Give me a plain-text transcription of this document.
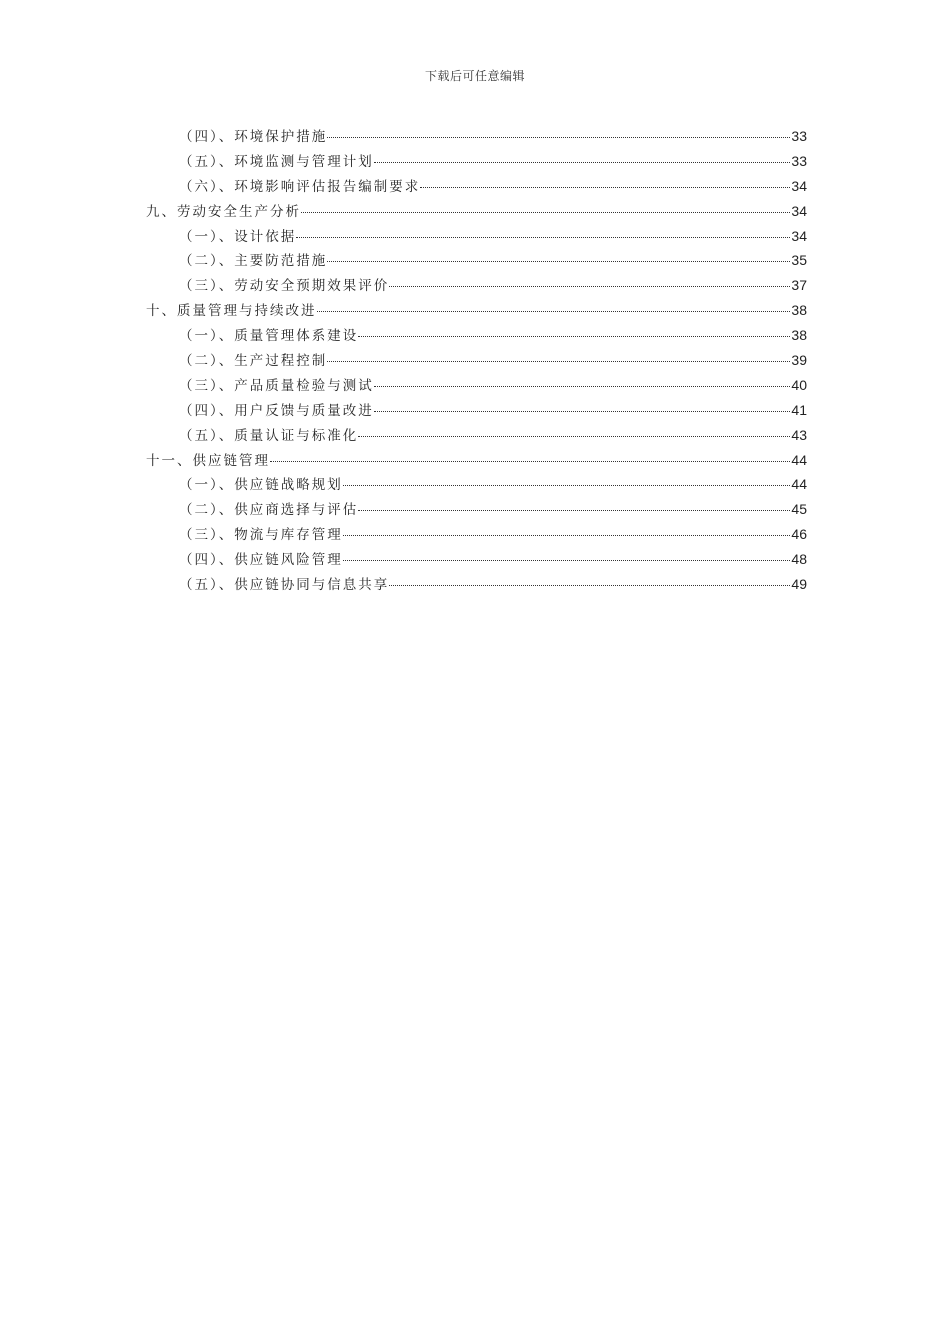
下载后可任意编辑
（四）、环境保护措施	33
（五）、环境监测与管理计划	33
（六）、环境影响评估报告编制要求	34
九、劳动安全生产分析	34
（一）、设计依据	34
（二）、主要防范措施	35
（三）、劳动安全预期效果评价	37
十、质量管理与持续改进	38
（一）、质量管理体系建设	38
（二）、生产过程控制	39
（三）、产品质量检验与测试	40
（四）、用户反馈与质量改进	41
（五）、质量认证与标准化	43
十一、供应链管理	44
（一）、供应链战略规划	44
（二）、供应商选择与评估	45
（三）、物流与库存管理	46
（四）、供应链风险管理	48
（五）、供应链协同与信息共享	49
